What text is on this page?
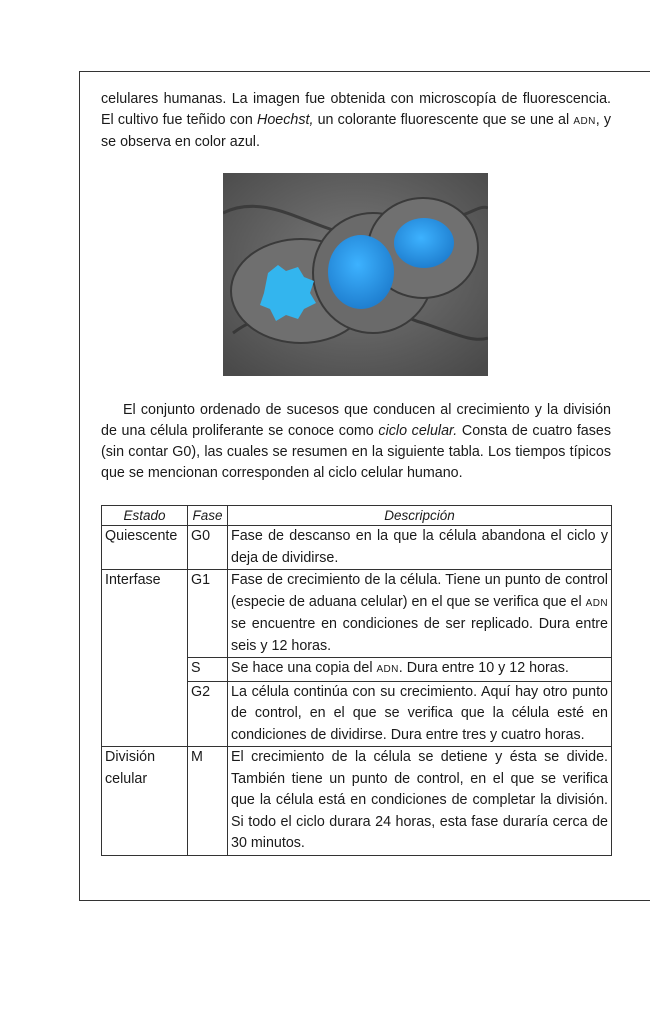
celulares humanas. La imagen fue obtenida con microscopía de fluorescencia. El cultivo fue teñido con Hoechst, un colorante fluorescente que se une al ADN, y se observa en color azul.

El conjunto ordenado de sucesos que conducen al crecimiento y la división de una célula proliferante se conoce como ciclo celular. Consta de cuatro fases (sin contar G0), las cuales se resumen en la siguiente tabla. Los tiempos típicos que se mencionan corresponden al ciclo celular humano.

Estado	Fase	Descripción
Quiescente	G0	Fase de descanso en la que la célula abandona el ciclo y deja de dividirse.
Interfase	G1	Fase de crecimiento de la célula. Tiene un punto de control (especie de aduana celular) en el que se verifica que el ADN se encuentre en condiciones de ser replicado. Dura entre seis y 12 horas.
	S	Se hace una copia del ADN. Dura entre 10 y 12 horas.
	G2	La célula continúa con su crecimiento. Aquí hay otro punto de control, en el que se verifica que la célula esté en condiciones de dividirse. Dura entre tres y cuatro horas.
División celular	M	El crecimiento de la célula se detiene y ésta se divide. También tiene un punto de control, en el que se verifica que la célula está en condiciones de completar la división. Si todo el ciclo durara 24 horas, esta fase duraría cerca de 30 minutos.
